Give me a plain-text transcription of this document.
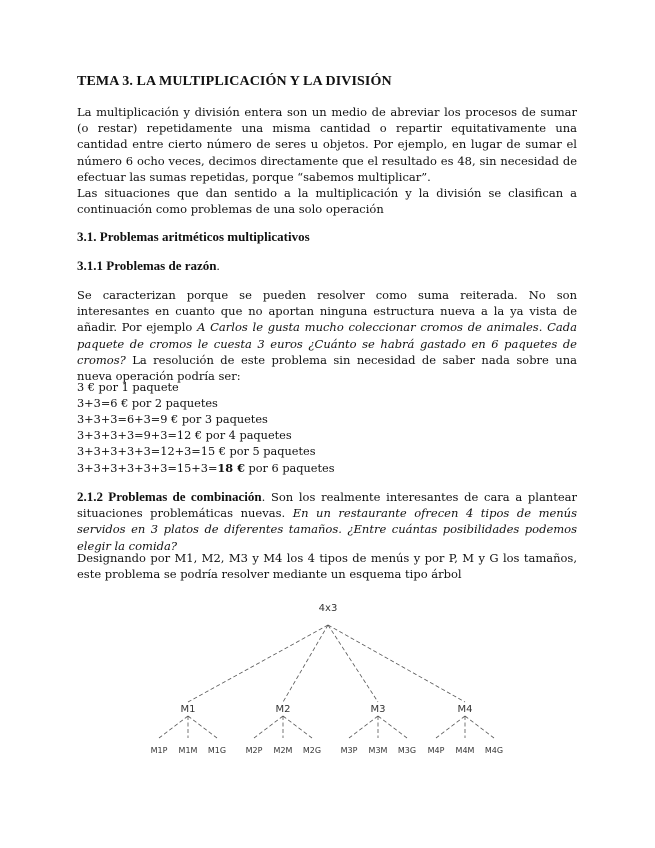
TEMA 3. LA MULTIPLICACIÓN Y LA DIVISIÓN

La multiplicación y división entera son un medio de abreviar los procesos de sumar (o restar) repetidamente una misma cantidad o repartir equitativamente una cantidad entre cierto número de seres u objetos. Por ejemplo, en lugar de sumar el número 6 ocho veces, decimos directamente que el resultado es 48, sin necesidad de efectuar las sumas repetidas, porque “sabemos multiplicar”.

Las situaciones que dan sentido a la multiplicación y la división se clasifican a continuación como problemas de una solo operación

3.1. Problemas aritméticos multiplicativos
3.1.1 Problemas de razón.

Se caracterizan porque se pueden resolver como suma reiterada. No son interesantes en cuanto que no aportan ninguna estructura nueva a la ya vista de añadir. Por ejemplo A Carlos le gusta mucho coleccionar cromos de animales. Cada paquete de cromos le cuesta 3 euros ¿Cuánto se habrá gastado en 6 paquetes de cromos? La resolución de este problema sin necesidad de saber nada sobre una nueva operación podría ser:

3 € por 1 paquete

3+3=6 € por 2 paquetes

3+3+3=6+3=9 € por 3 paquetes

3+3+3+3=9+3=12 € por 4 paquetes

3+3+3+3+3=12+3=15 € por 5 paquetes

3+3+3+3+3+3=15+3=18 € por 6 paquetes

2.1.2 Problemas de combinación. Son los realmente interesantes de cara a plantear situaciones problemáticas nuevas. En un restaurante ofrecen 4 tipos de menús servidos en 3 platos de diferentes tamaños. ¿Entre cuántas posibilidades podemos elegir la comida?

Designando por M1, M2, M3 y M4 los 4 tipos de menús y por P, M y G los tamaños, este problema se podría resolver mediante un esquema tipo árbol

4x3
M1
M1P M1M M1G
M2
M2P M2M M2G
M3
M3P M3M M3G
M4
M4P M4M M4G
